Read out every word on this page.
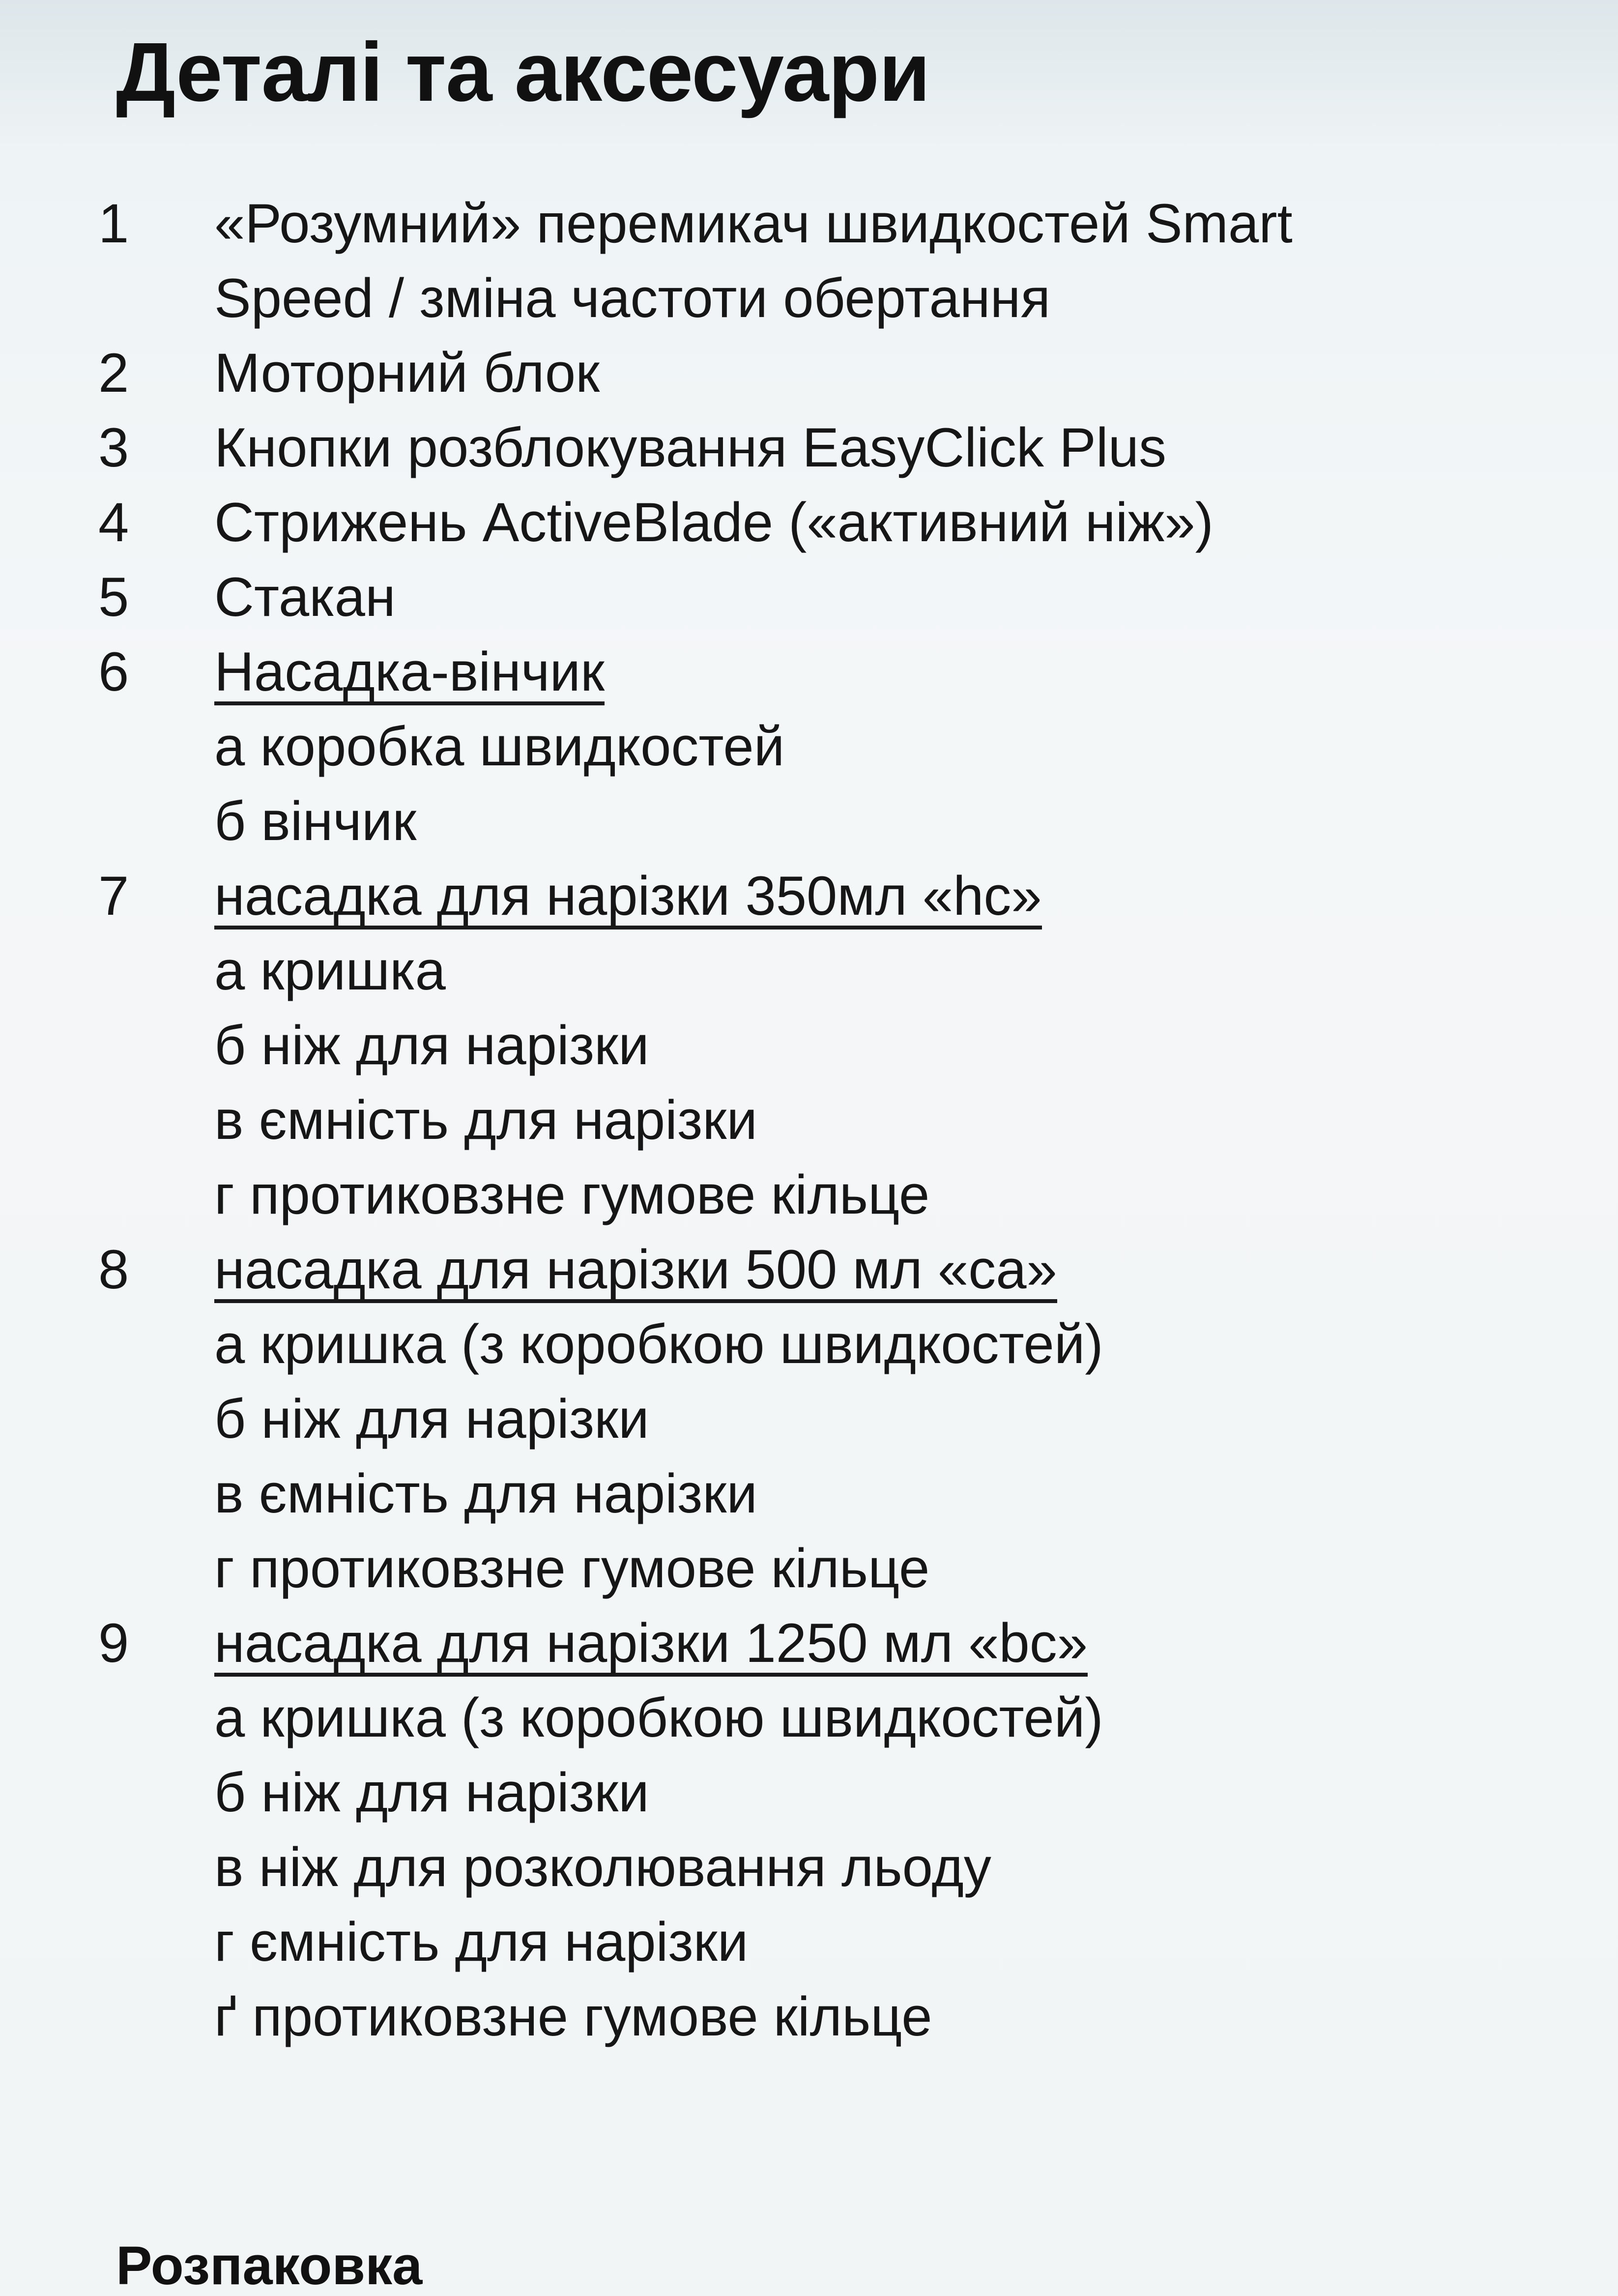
Деталі та аксесуари
1 «Розумний» перемикач швидкостей Smart
Speed / зміна частоти обертання
2 Моторний блок
3 Кнопки розблокування EasyClick Plus
4 Стрижень ActiveBlade («активний ніж»)
5 Стакан
6 Насадка-вінчик
а коробка швидкостей
б вінчик
7 насадка для нарізки 350мл «hc»
а кришка
б ніж для нарізки
в ємність для нарізки
г протиковзне гумове кільце
8 насадка для нарізки 500 мл «ca»
а кришка (з коробкою швидкостей)
б ніж для нарізки
в ємність для нарізки
г протиковзне гумове кільце
9 насадка для нарізки 1250 мл «bc»
а кришка (з коробкою швидкостей)
б ніж для нарізки
в ніж для розколювання льоду
г ємність для нарізки
ґ протиковзне гумове кільце
Розпаковка
